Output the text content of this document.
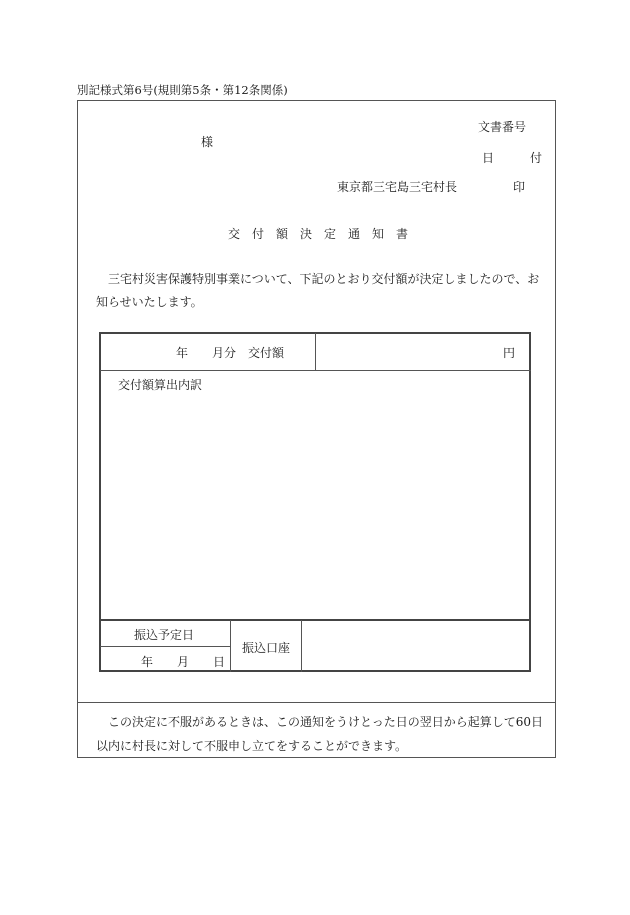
別記様式第6号(規則第5条・第12条関係)
文書番号
様
日　付
東京都三宅島三宅村長	印
交付額決定通知書
三宅村災害保護特別事業について、下記のとおり交付額が決定しましたので、お知らせいたします。
年　　月分　交付額	円
交付額算出内訳
振込予定日
年　　月　　日
振込口座
この決定に不服があるときは、この通知をうけとった日の翌日から起算して60日以内に村長に対して不服申し立てをすることができます。
